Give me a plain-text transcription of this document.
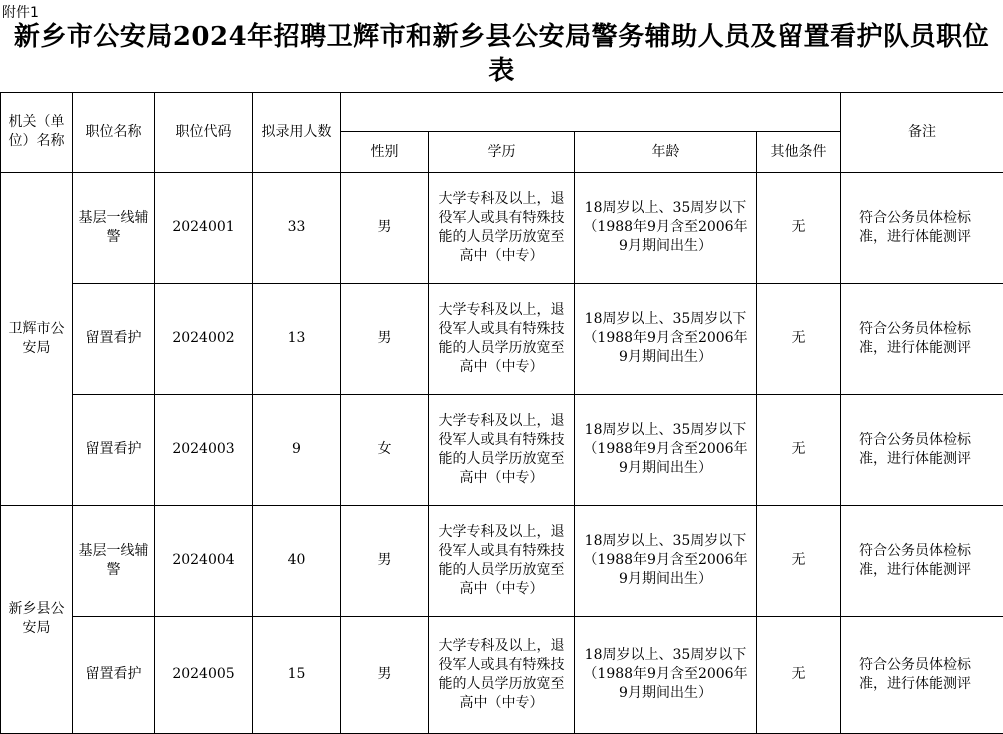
附件1
新乡市公安局2024年招聘卫辉市和新乡县公安局警务辅助人员及留置看护队员职位
表
机关（单位）名称	职位名称	职位代码	拟录用人数					备注
				性别	学历	年龄	其他条件	
卫辉市公安局	基层一线辅警	2024001	33	男	大学专科及以上，退役军人或具有特殊技能的人员学历放宽至高中（中专）	18周岁以上、35周岁以下（1988年9月含至2006年9月期间出生）	无	符合公务员体检标准，进行体能测评
	留置看护	2024002	13	男	大学专科及以上，退役军人或具有特殊技能的人员学历放宽至高中（中专）	18周岁以上、35周岁以下（1988年9月含至2006年9月期间出生）	无	符合公务员体检标准，进行体能测评
	留置看护	2024003	9	女	大学专科及以上，退役军人或具有特殊技能的人员学历放宽至高中（中专）	18周岁以上、35周岁以下（1988年9月含至2006年9月期间出生）	无	符合公务员体检标准，进行体能测评
新乡县公安局	基层一线辅警	2024004	40	男	大学专科及以上，退役军人或具有特殊技能的人员学历放宽至高中（中专）	18周岁以上、35周岁以下（1988年9月含至2006年9月期间出生）	无	符合公务员体检标准，进行体能测评
	留置看护	2024005	15	男	大学专科及以上，退役军人或具有特殊技能的人员学历放宽至高中（中专）	18周岁以上、35周岁以下（1988年9月含至2006年9月期间出生）	无	符合公务员体检标准，进行体能测评
